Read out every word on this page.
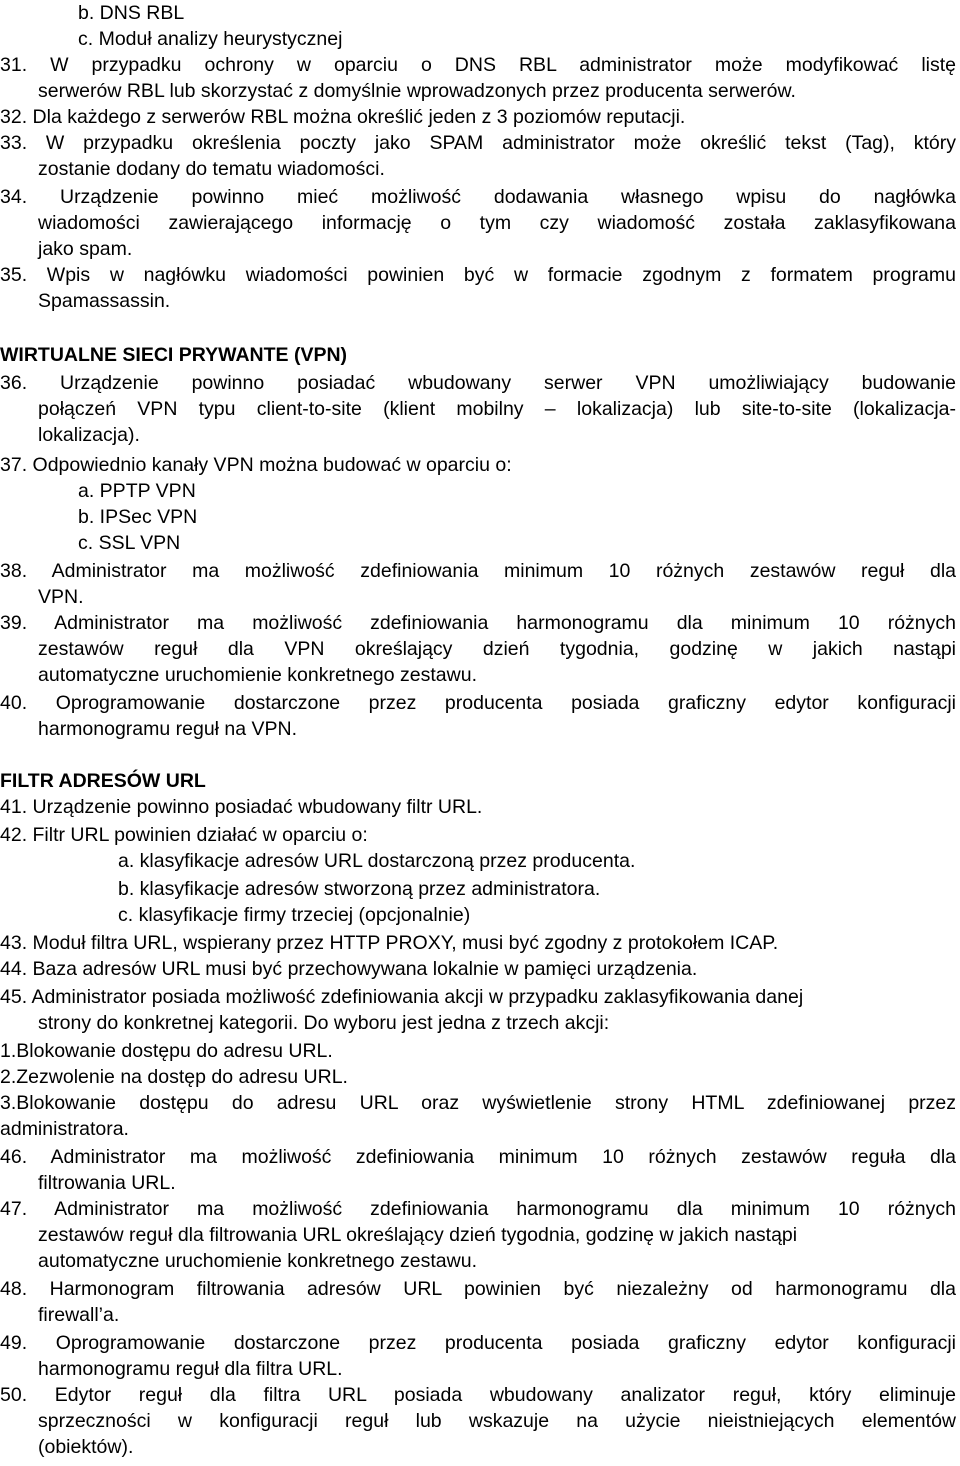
b. DNS RBL
c. Moduł analizy heurystycznej
31. W przypadku ochrony w oparciu o DNS RBL administrator może modyfikować listę
serwerów RBL lub skorzystać z domyślnie wprowadzonych przez producenta serwerów.
32. Dla każdego z serwerów RBL można określić jeden z 3 poziomów reputacji.
33. W przypadku określenia poczty jako SPAM administrator może określić tekst (Tag), który
zostanie dodany do tematu wiadomości.
34. Urządzenie powinno mieć możliwość dodawania własnego wpisu do nagłówka
wiadomości zawierającego informację o tym czy wiadomość została zaklasyfikowana
jako spam.
35. Wpis w nagłówku wiadomości powinien być w formacie zgodnym z formatem programu
Spamassassin.
WIRTUALNE SIECI PRYWANTE (VPN)
36. Urządzenie powinno posiadać wbudowany serwer VPN umożliwiający budowanie
połączeń VPN typu client-to-site (klient mobilny – lokalizacja) lub site-to-site (lokalizacja-
lokalizacja).
37. Odpowiednio kanały VPN można budować w oparciu o:
a. PPTP VPN
b. IPSec VPN
c. SSL VPN
38. Administrator ma możliwość zdefiniowania minimum 10 różnych zestawów reguł dla
VPN.
39. Administrator ma możliwość zdefiniowania harmonogramu dla minimum 10 różnych
zestawów reguł dla VPN określający dzień tygodnia, godzinę w jakich nastąpi
automatyczne uruchomienie konkretnego zestawu.
40. Oprogramowanie dostarczone przez producenta posiada graficzny edytor konfiguracji
harmonogramu reguł na VPN.
FILTR ADRESÓW URL
41. Urządzenie powinno posiadać wbudowany filtr URL.
42. Filtr URL powinien działać w oparciu o:
a. klasyfikacje adresów URL dostarczoną przez producenta.
b. klasyfikacje adresów stworzoną przez administratora.
c. klasyfikacje firmy trzeciej (opcjonalnie)
43. Moduł filtra URL, wspierany przez HTTP PROXY, musi być zgodny z protokołem ICAP.
44. Baza adresów URL musi być przechowywana lokalnie w pamięci urządzenia.
45. Administrator posiada możliwość zdefiniowania akcji w przypadku zaklasyfikowania danej
strony do konkretnej kategorii. Do wyboru jest jedna z trzech akcji:
1.Blokowanie dostępu do adresu URL.
2.Zezwolenie na dostęp do adresu URL.
3.Blokowanie dostępu do adresu URL oraz wyświetlenie strony HTML zdefiniowanej przez
administratora.
46. Administrator ma możliwość zdefiniowania minimum 10 różnych zestawów reguła dla
filtrowania URL.
47. Administrator ma możliwość zdefiniowania harmonogramu dla minimum 10 różnych
zestawów reguł dla filtrowania URL określający dzień tygodnia, godzinę w jakich nastąpi
automatyczne uruchomienie konkretnego zestawu.
48. Harmonogram filtrowania adresów URL powinien być niezależny od harmonogramu dla
firewall’a.
49. Oprogramowanie dostarczone przez producenta posiada graficzny edytor konfiguracji
harmonogramu reguł dla filtra URL.
50. Edytor reguł dla filtra URL posiada wbudowany analizator reguł, który eliminuje
sprzeczności w konfiguracji reguł lub wskazuje na użycie nieistniejących elementów
(obiektów).
